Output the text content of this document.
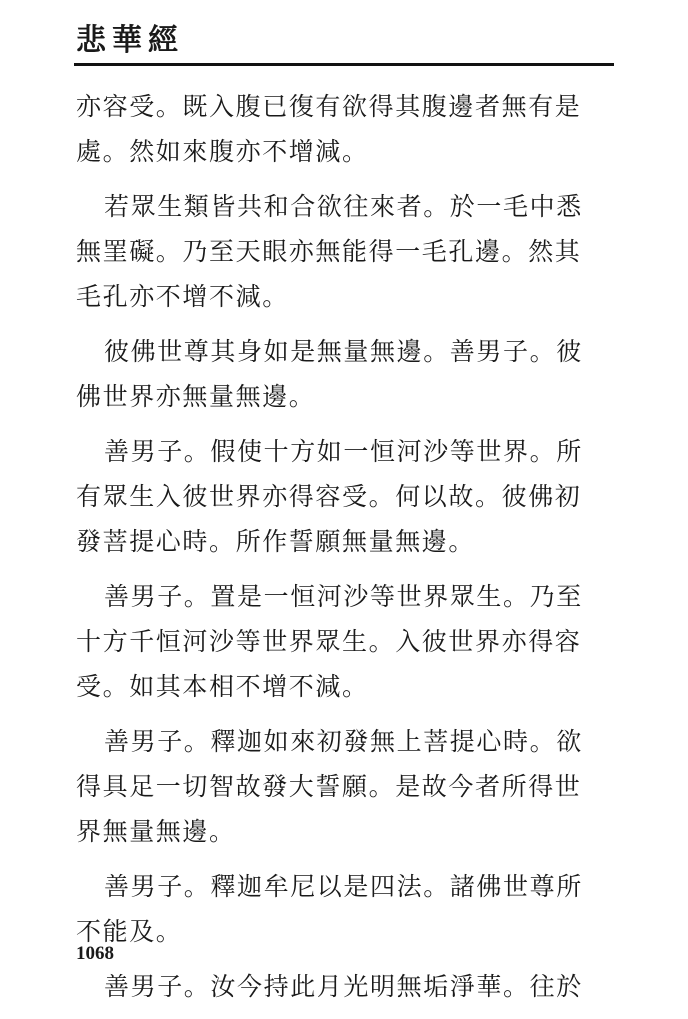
悲華經

亦容受。既入腹已復有欲得其腹邊者無有是
處。然如來腹亦不增減。

若眾生類皆共和合欲往來者。於一毛中悉
無罣礙。乃至天眼亦無能得一毛孔邊。然其
毛孔亦不增不減。

彼佛世尊其身如是無量無邊。善男子。彼
佛世界亦無量無邊。

善男子。假使十方如一恒河沙等世界。所
有眾生入彼世界亦得容受。何以故。彼佛初
發菩提心時。所作誓願無量無邊。

善男子。置是一恒河沙等世界眾生。乃至
十方千恒河沙等世界眾生。入彼世界亦得容
受。如其本相不增不減。

善男子。釋迦如來初發無上菩提心時。欲
得具足一切智故發大誓願。是故今者所得世
界無量無邊。

善男子。釋迦牟尼以是四法。諸佛世尊所
不能及。

善男子。汝今持此月光明無垢淨華。往於

1068
